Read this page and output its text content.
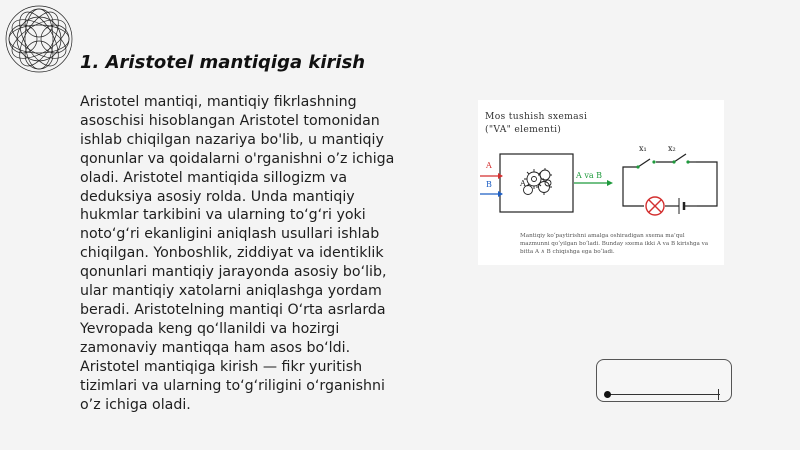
1. Aristotel mantiqiga kirish
Aristotel mantiqi, mantiqiy fikrlashning
asoschisi hisoblangan Aristotel tomonidan
ishlab chiqilgan nazariya bo'lib, u mantiqiy
qonunlar va qoidalarni o'rganishni o’z ichiga
oladi. Aristotel mantiqida sillogizm va
deduksiya asosiy rolda. Unda mantiqiy
hukmlar tarkibini va ularning to‘g‘ri yoki
noto‘g‘ri ekanligini aniqlash usullari ishlab
chiqilgan. Yonboshlik, ziddiyat va identiklik
qonunlari mantiqiy jarayonda asosiy bo‘lib,
ular mantiqiy xatolarni aniqlashga yordam
beradi. Aristotelning mantiqi O‘rta asrlarda
Yevropada keng qo‘llanildi va hozirgi
zamonaviy mantiqqa ham asos bo‘ldi.
Aristotel mantiqiga kirish — fikr yuritish
tizimlari va ularning to‘g‘riligini o‘rganishni
o’z ichiga oladi.
Mos tushish sxemasi
("VA" elementi)
A
B	A
A va B
x₁	x₂
Mantiqiy ko‘paytirishni amalga oshiradigan sxema ma’qul
mazmunni qo‘yilgan bo‘ladi. Bunday sxema ikki A va B kirishga va
bitta A ∧ B chiqishga ega bo‘ladi.
